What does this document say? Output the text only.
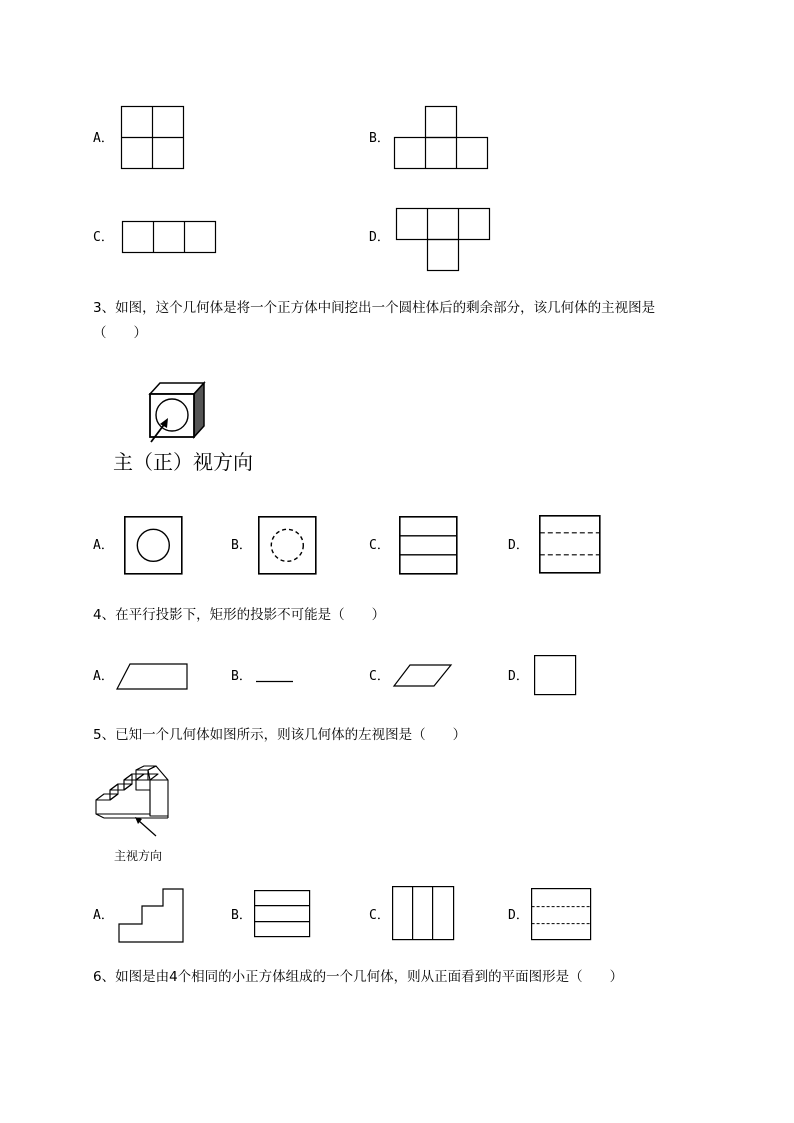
A．	B．
C．	D．
3、如图，这个几何体是将一个正方体中间挖出一个圆柱体后的剩余部分，该几何体的主视图是
（　　）
主（正）视方向
A．	B．	C．	D．
4、在平行投影下，矩形的投影不可能是（　　）
A．	B．	C．	D．
5、已知一个几何体如图所示，则该几何体的左视图是（　　）
主视方向
A．	B．	C．	D．
6、如图是由4个相同的小正方体组成的一个几何体，则从正面看到的平面图形是（　　）
